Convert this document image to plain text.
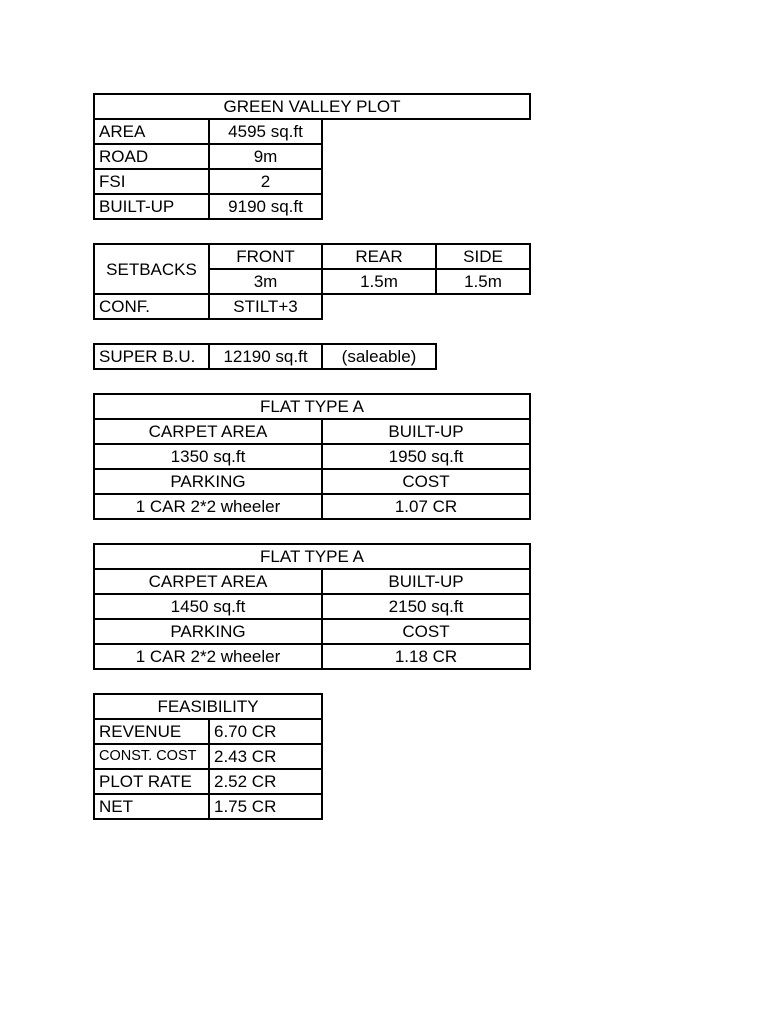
GREEN VALLEY PLOT
AREA	4595 sq.ft
ROAD	9m
FSI	2
BUILT-UP	9190 sq.ft
SETBACKS
FRONT	REAR	SIDE
3m	1.5m	1.5m
CONF.	STILT+3
SUPER B.U.	12190 sq.ft	(saleable)
FLAT TYPE A
CARPET AREA	BUILT-UP
1350 sq.ft	1950 sq.ft
PARKING	COST
1 CAR 2*2 wheeler	1.07 CR
FLAT TYPE A
CARPET AREA	BUILT-UP
1450 sq.ft	2150 sq.ft
PARKING	COST
1 CAR 2*2 wheeler	1.18 CR
FEASIBILITY
REVENUE	6.70 CR
CONST. COST	2.43 CR
PLOT RATE	2.52 CR
NET	1.75 CR
